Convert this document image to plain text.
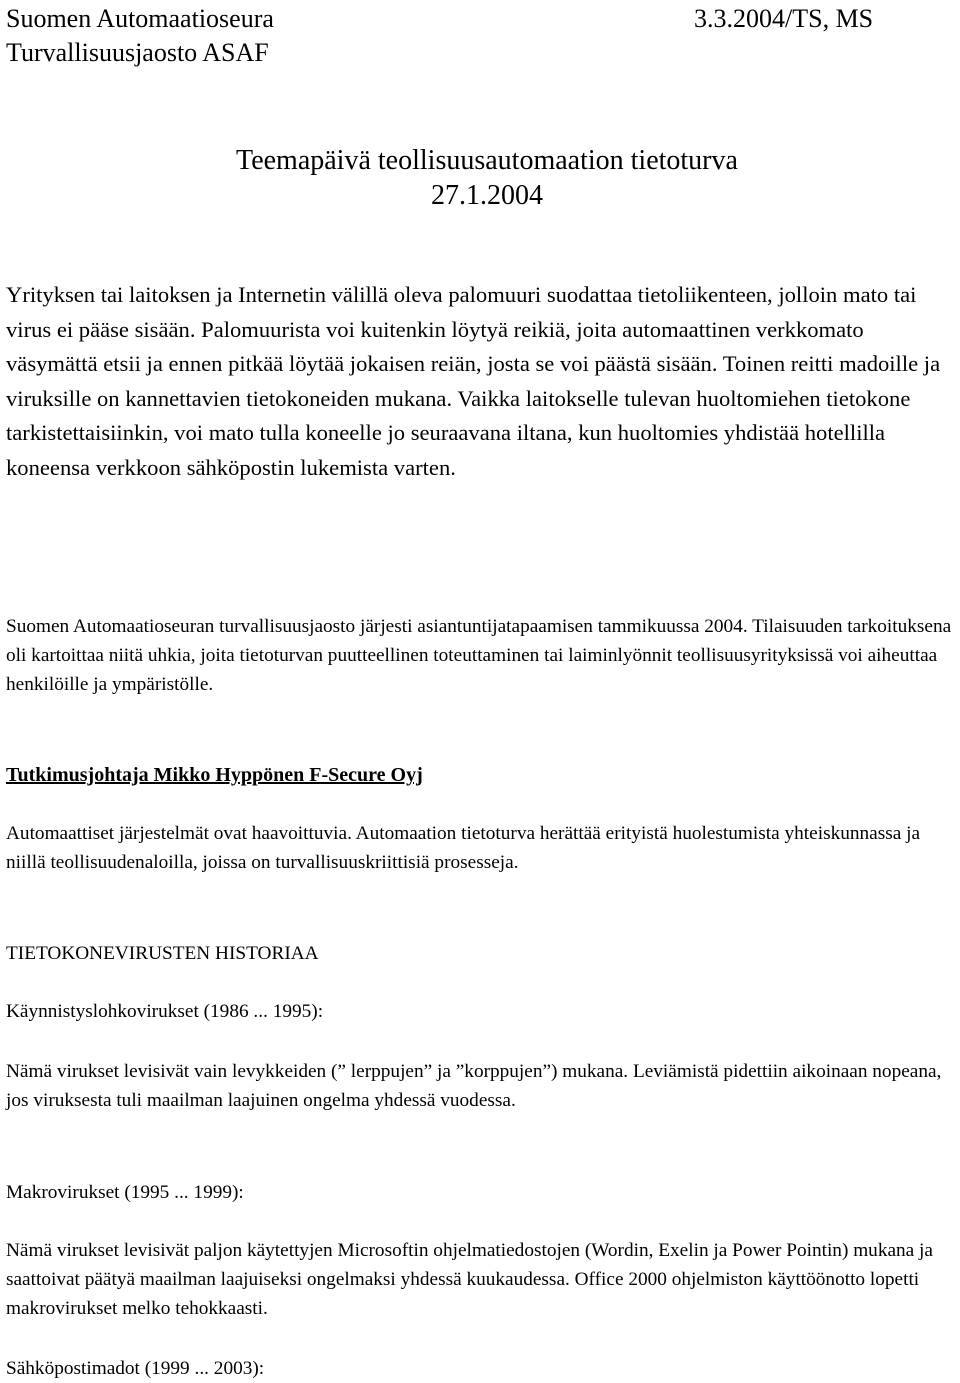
Suomen Automaatioseura	3.3.2004/TS, MS
Turvallisuusjaosto ASAF
Teemapäivä teollisuusautomaation tietoturva
27.1.2004

Yrityksen tai laitoksen ja Internetin välillä oleva palomuuri suodattaa tietoliikenteen, jolloin mato tai virus ei pääse sisään. Palomuurista voi kuitenkin löytyä reikiä, joita automaattinen verkkomato väsymättä etsii ja ennen pitkää löytää jokaisen reiän, josta se voi päästä sisään. Toinen reitti madoille ja viruksille on kannettavien tietokoneiden mukana. Vaikka laitokselle tulevan huoltomiehen tietokone tarkistettaisiinkin, voi mato tulla koneelle jo seuraavana iltana, kun huoltomies yhdistää hotellilla koneensa verkkoon sähköpostin lukemista varten.

Suomen Automaatioseuran turvallisuusjaosto järjesti asiantuntijatapaamisen tammikuussa 2004. Tilaisuuden tarkoituksena oli kartoittaa niitä uhkia, joita tietoturvan puutteellinen toteuttaminen tai laiminlyönnit teollisuusyrityksissä voi aiheuttaa henkilöille ja ympäristölle.

Tutkimusjohtaja Mikko Hyppönen F-Secure Oyj

Automaattiset järjestelmät ovat haavoittuvia. Automaation tietoturva herättää erityistä huolestumista yhteiskunnassa ja niillä teollisuudenaloilla, joissa on turvallisuuskriittisiä prosesseja.

TIETOKONEVIRUSTEN HISTORIAA
Käynnistyslohkovirukset (1986 ... 1995):

Nämä virukset levisivät vain levykkeiden (” lerppujen” ja ”korppujen”) mukana. Leviämistä pidettiin aikoinaan nopeana, jos viruksesta tuli maailman laajuinen ongelma yhdessä vuodessa.

Makrovirukset (1995 ... 1999):

Nämä virukset levisivät paljon käytettyjen Microsoftin ohjelmatiedostojen (Wordin, Exelin ja Power Pointin) mukana ja saattoivat päätyä maailman laajuiseksi ongelmaksi yhdessä kuukaudessa. Office 2000 ohjelmiston käyttöönotto lopetti makrovirukset melko tehokkaasti.

Sähköpostimadot (1999 ... 2003):
